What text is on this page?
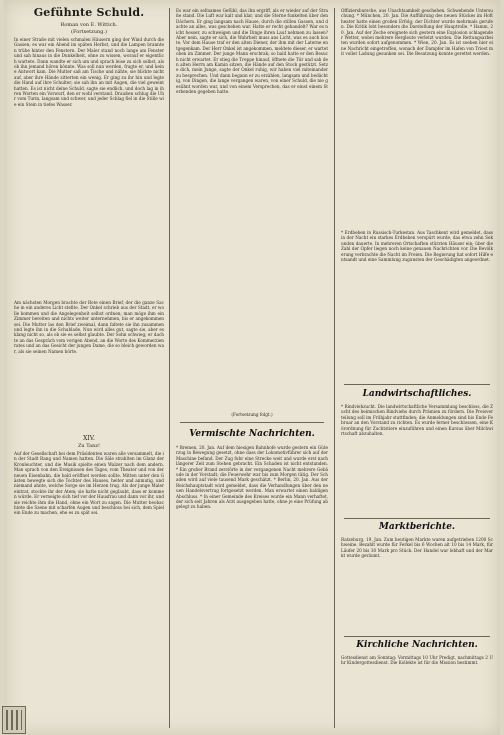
Gefühnte Schuld.
Roman von E. Wittich.
(Fortsetzung.)
In einer Straße mit vielen schmalen Häusern ging der Wind durch die Gassen; es war ein Abend im späten Herbst, und die Lampen brannten trübe hinter den Fenstern. Der Maler stand noch lange am Fenster und sah hinaus in die Dunkelheit, ohne zu wissen, worauf er eigentlich wartete. Dann wandte er sich um und sprach leise zu sich selbst, als ob ihn jemand hören könnte. Was soll nun werden, fragte er, und keine Antwort kam. Die Mutter saß am Tische und nähte, sie blickte nicht auf, aber ihre Hände zitterten ein wenig. Er ging zu ihr hin und legte die Hand auf ihre Schulter; sie sah ihn an mit Augen, die viel geweint hatten. Es ist nicht deine Schuld, sagte sie endlich, und doch lag in ihren Worten ein Vorwurf, den er wohl verstand. Draußen schlug die Uhr vom Turm, langsam und schwer, und jeder Schlag fiel in die Stille wie ein Stein in tiefes Wasser.
Am nächsten Morgen brachte der Bote einen Brief, der die ganze Sache in ein anderes Licht stellte. Der Onkel schrieb aus der Stadt, er wolle kommen und die Angelegenheit selbst ordnen; man möge ihm ein Zimmer bereiten und nichts weiter unternehmen, bis er angekommen sei. Die Mutter las den Brief zweimal, dann faltete sie ihn zusammen und legte ihn in die Schublade. Nun wird alles gut, sagte sie, aber es klang nicht so, als ob sie es selbst glaubte. Der Sohn schwieg; er dachte an das Gespräch vom vorigen Abend, an die Worte des Kommerzienrates und an das Gesicht der jungen Dame, die so bleich geworden war, als sie seinen Namen hörte.
XIV.
Zu Tanz!
Auf der Gesellschaft bei dem Präsidenten waren alle versammelt, die in der Stadt Rang und Namen hatten. Die Säle strahlten im Glanz der Kronleuchter, und die Musik spielte einen Walzer nach dem andern. Man sprach von den Ereignissen des Tages, vom Theater und von der neuen Eisenbahn, die bald eröffnet werden sollte. Mitten unter den Gästen bewegte sich die Tochter des Hauses, heiter und anmutig, und niemand ahnte, welche Sorge sie im Herzen trug. Als der junge Maler eintrat, stockte ihr der Atem; sie hatte nicht geglaubt, dass er kommen würde. Er verneigte sich tief vor der Hausfrau und dann vor ihr, und sie reichte ihm die Hand, ohne ein Wort zu sagen. Die Mutter beobachtete die Szene mit scharfen Augen und beschloss bei sich, dem Spiel ein Ende zu machen, ehe es zu spät sei.
Es war ein seltsames Gefühl, das ihn ergriff, als er wieder auf der Straße stand. Die Luft war kalt und klar, und die Sterne funkelten über den Dächern. Er ging langsam nach Hause, durch die stillen Gassen, und dachte an alles, was geschehen war. Hatte er recht gehandelt? War es nicht besser, zu schweigen und die Dinge ihren Lauf nehmen zu lassen? Aber nein, sagte er sich, die Wahrheit muss ans Licht, was es auch koste. Vor dem Hause traf er den alten Diener, der ihm mit der Laterne entgegenkam. Der Herr Onkel ist angekommen, meldete dieser, er wartet oben im Zimmer. Der junge Mann erschrak; so bald hatte er den Besuch nicht erwartet. Er stieg die Treppe hinauf, öffnete die Tür und sah den alten Herrn am Kamin sitzen, die Hände auf den Stock gestützt. Setze dich, mein Junge, sagte der Onkel ruhig, wir haben viel miteinander zu besprechen. Und dann begann er zu erzählen, langsam und bedächtig, von Dingen, die lange vergangen waren, von einer Schuld, die nie gesühnt worden war, und von einem Versprechen, das er einst einem Sterbenden gegeben hatte.
(Fortsetzung folgt.)
Vermischte Nachrichten.
* Bremen, 20. Jan. Auf dem hiesigen Bahnhofe wurde gestern ein Güterzug in Bewegung gesetzt, ohne dass der Lokomotivführer sich auf der Maschine befand. Der Zug fuhr eine Strecke weit und wurde erst nach längerer Zeit zum Stehen gebracht. Ein Schaden ist nicht entstanden. * Ein großer Brand zerstörte in der vergangenen Nacht mehrere Gebäude in der Vorstadt; die Feuerwehr war bis zum Morgen tätig. Der Schaden wird auf viele tausend Mark geschätzt. * Berlin, 20. Jan. Aus der Reichshauptstadt wird gemeldet, dass die Verhandlungen über den neuen Handelsvertrag fortgesetzt werden. Man erwartet einen baldigen Abschluss. * In einer Gemeinde des Kreises wurde ein Mann verhaftet, der sich seit Jahren als Arzt ausgegeben hatte, ohne je eine Prüfung abgelegt zu haben.
Offiziersbursche, aus Unachtsamkeit geschehen. Schwebende Untersuchung. * München, 20. Jan. Die Aufführung des neuen Stückes im Hoftheater hatte einen großen Erfolg; der Dichter wurde mehrmals gerufen. Die Kritik lobt besonders die Darstellung der Hauptrolle. * Hamm, 20. Jan. Auf der Zeche ereignete sich gestern eine Explosion schlagender Wetter, wobei mehrere Bergleute verletzt wurden. Die Rettungsarbeiten wurden sofort aufgenommen. * Wien, 20. Jan. Es ist soeben hier eine Nachricht eingetroffen, wonach der Dampfer im Hafen von Triest mit voller Ladung gesunken sei. Die Besatzung konnte gerettet werden.
* Erdbeben in Russisch-Turkestan. Aus Taschkent wird gemeldet, dass in der Nacht ein starkes Erdbeben verspürt wurde, das etwa zehn Sekunden dauerte. In mehreren Ortschaften stürzten Häuser ein; über die Zahl der Opfer liegen noch keine genauen Nachrichten vor. Die Bevölkerung verbrachte die Nacht im Freien. Die Regierung hat sofort Hilfe entsandt und eine Sammlung zugunsten der Geschädigten angeordnet.
Landwirtschaftliches.
* Rindviehzucht. Die landwirtschaftliche Versammlung beschloss, die Zucht des heimischen Rindviehs durch Prämien zu fördern. Die Preisverteilung soll im Frühjahr stattfinden; die Anmeldungen sind bis Ende Februar an den Vorstand zu richten. Es wurde ferner beschlossen, eine Körordnung für Zuchtstiere einzuführen und einen Kursus über Milchwirtschaft abzuhalten.
Marktberichte.
Ratzeburg, 19. Jan. Zum heutigen Markte waren aufgetrieben 1200 Schweine. Bezahlt wurde für Ferkel bis 6 Wochen alt 10 bis 14 Mark, für Läufer 20 bis 30 Mark pro Stück. Der Handel war lebhaft und der Markt wurde geräumt.
Kirchliche Nachrichten.
Gottesdienst am Sonntag: Vormittags 10 Uhr Predigt, nachmittags 2 Uhr Kindergottesdienst. Die Kollekte ist für die Mission bestimmt.
